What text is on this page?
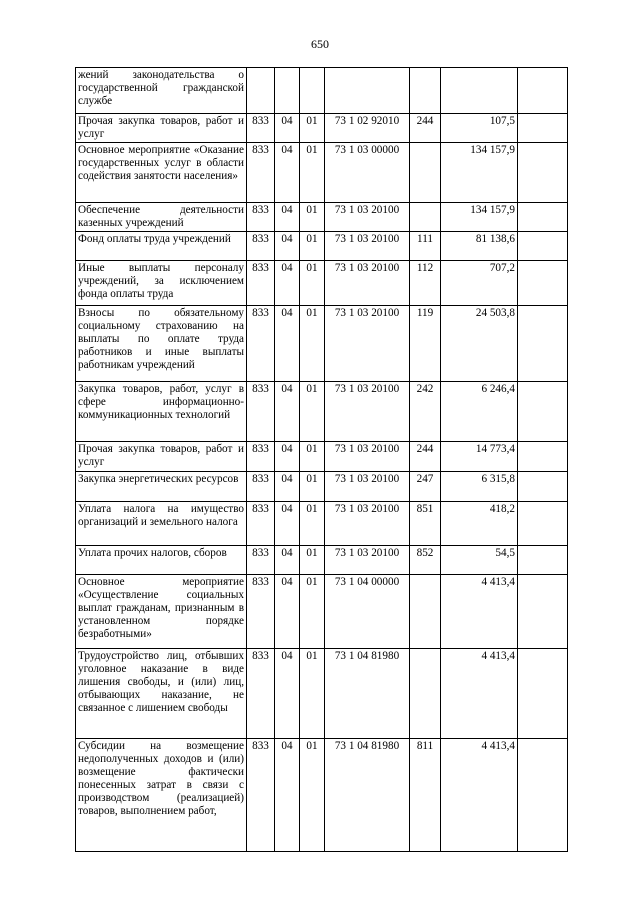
650
жений законодательства о государственной гражданской службе							
Прочая закупка товаров, работ и услуг	833	04	01	73 1 02 92010	244	107,5	
Основное мероприятие «Оказание государственных услуг в области содействия занятости населения»	833	04	01	73 1 03 00000		134 157,9	
Обеспечение деятельности казенных учреждений	833	04	01	73 1 03 20100		134 157,9	
Фонд оплаты труда учреждений	833	04	01	73 1 03 20100	111	81 138,6	
Иные выплаты персоналу учреждений, за исключением фонда оплаты труда	833	04	01	73 1 03 20100	112	707,2	
Взносы по обязательному социальному страхованию на выплаты по оплате труда работников и иные выплаты работникам учреждений	833	04	01	73 1 03 20100	119	24 503,8	
Закупка товаров, работ, услуг в сфере информационно-коммуникационных технологий	833	04	01	73 1 03 20100	242	6 246,4	
Прочая закупка товаров, работ и услуг	833	04	01	73 1 03 20100	244	14 773,4	
Закупка энергетических ресурсов	833	04	01	73 1 03 20100	247	6 315,8	
Уплата налога на имущество организаций и земельного налога	833	04	01	73 1 03 20100	851	418,2	
Уплата прочих налогов, сборов	833	04	01	73 1 03 20100	852	54,5	
Основное мероприятие «Осуществление социальных выплат гражданам, признанным в установленном порядке безработными»	833	04	01	73 1 04 00000		4 413,4	
Трудоустройство лиц, отбывших уголовное наказание в виде лишения свободы, и (или) лиц, отбывающих наказание, не связанное с лишением свободы	833	04	01	73 1 04 81980		4 413,4	
Субсидии на возмещение недополученных доходов и (или) возмещение фактически понесенных затрат в связи с производством (реализацией) товаров, выполнением работ,	833	04	01	73 1 04 81980	811	4 413,4	
